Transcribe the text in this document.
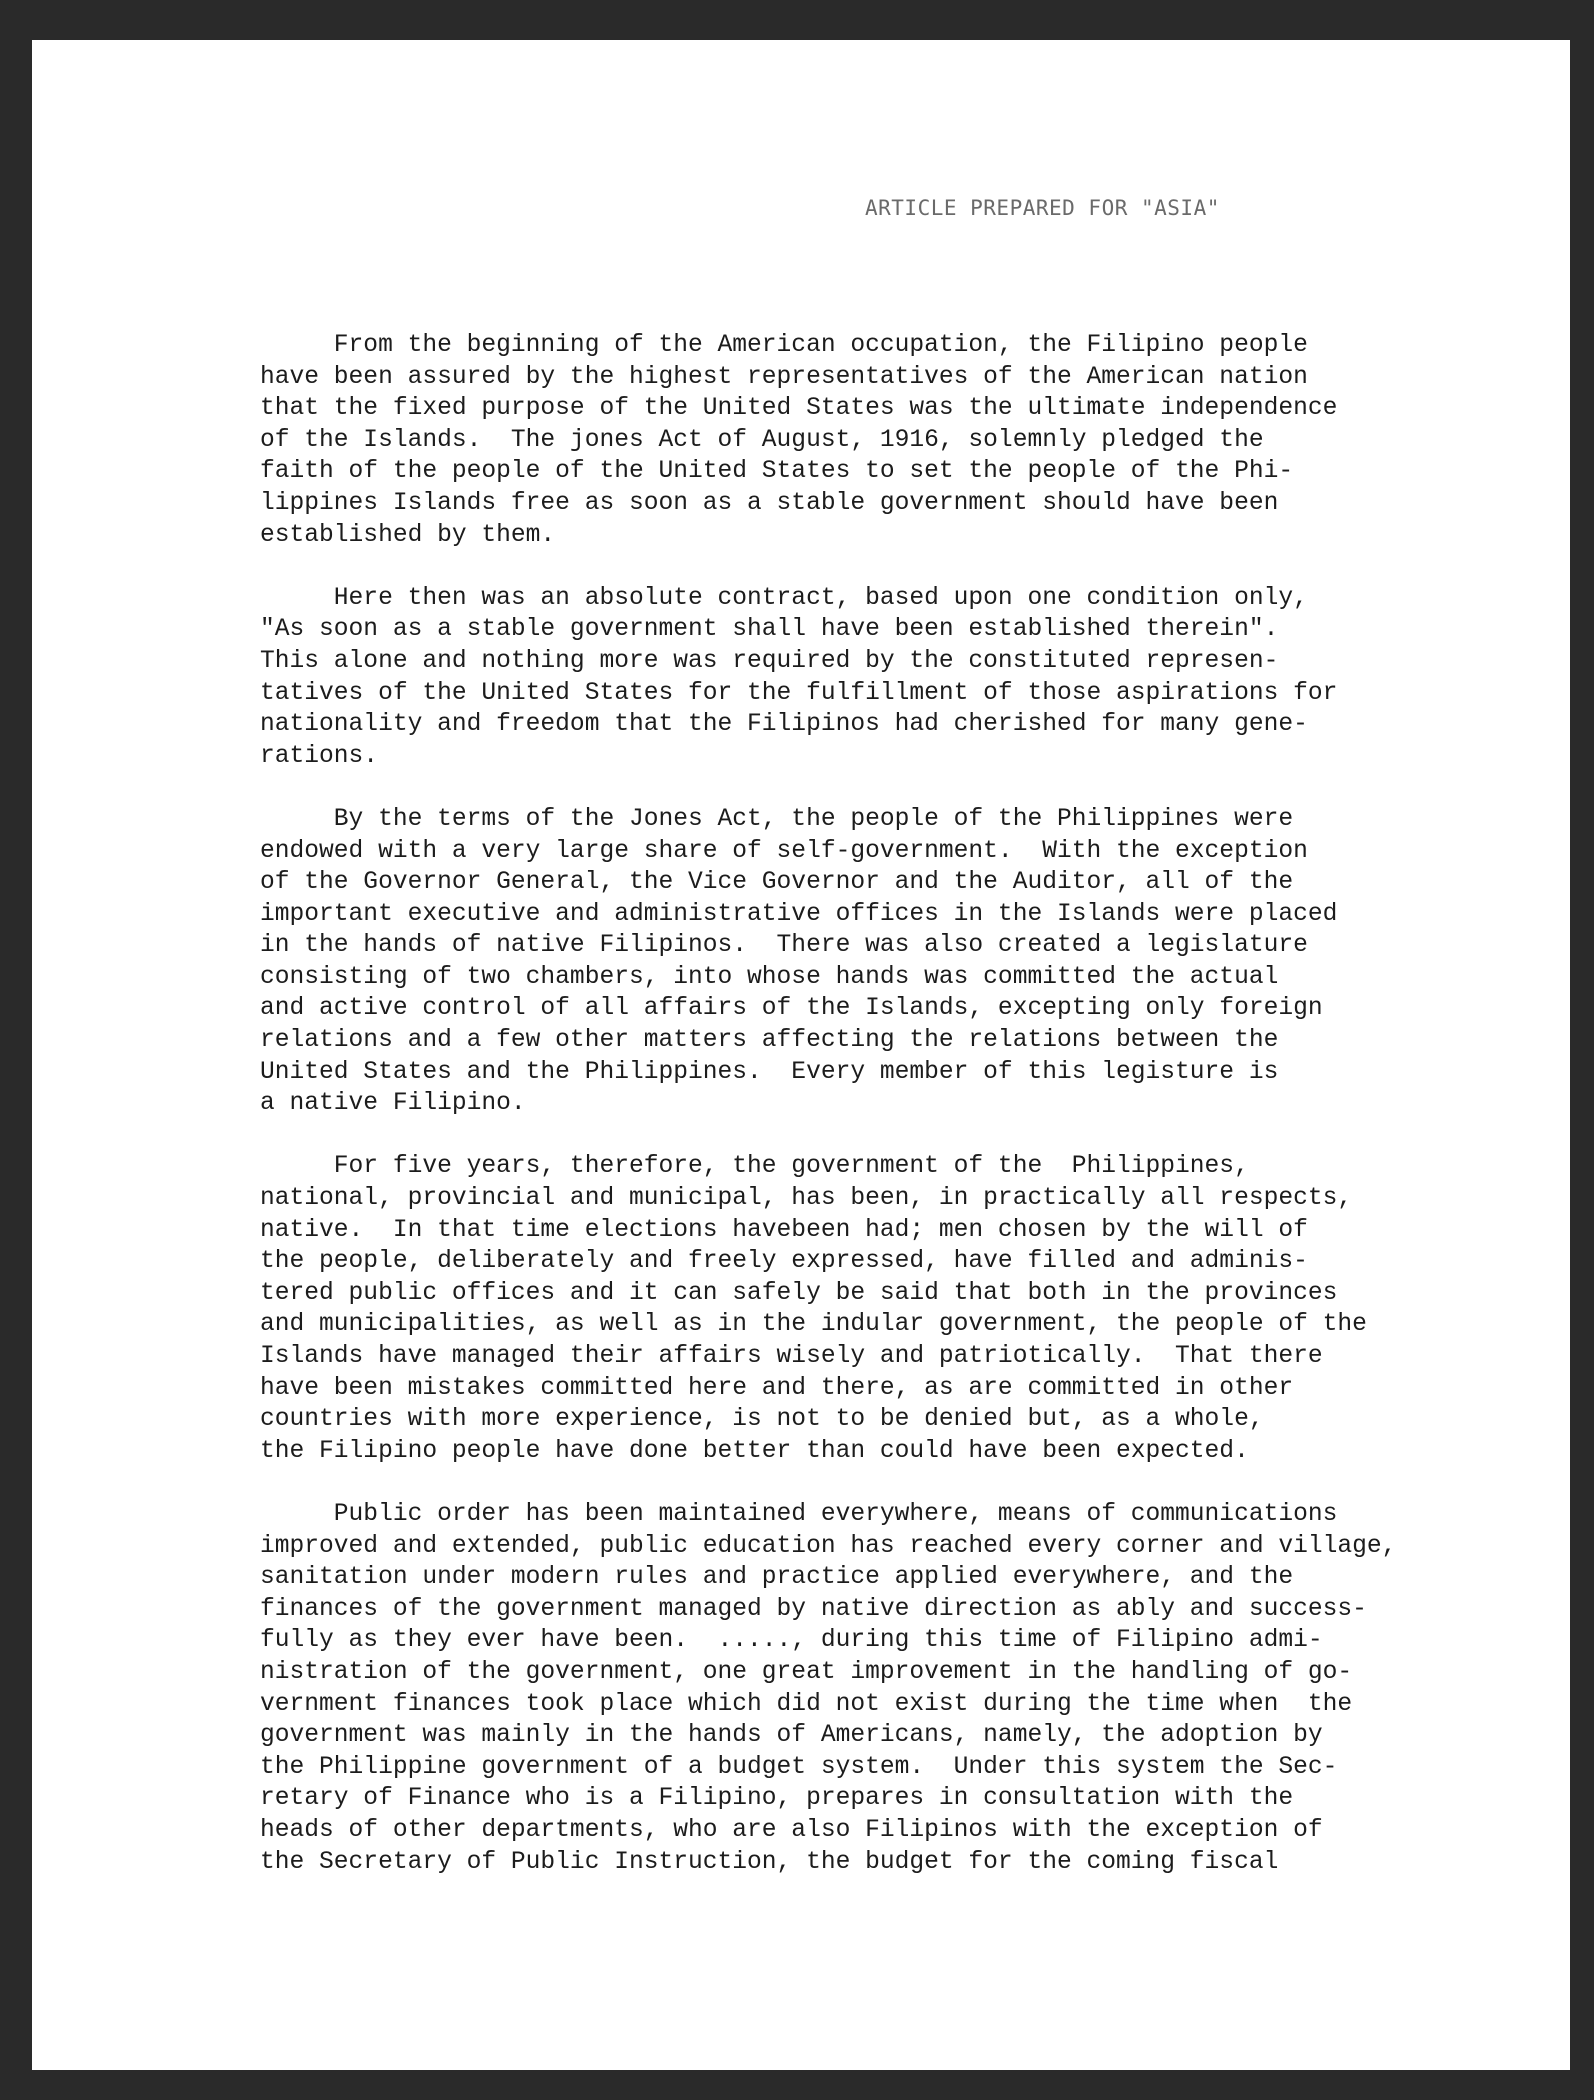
ARTICLE PREPARED FOR "ASIA"
From the beginning of the American occupation, the Filipino people
have been assured by the highest representatives of the American nation
that the fixed purpose of the United States was the ultimate independence
of the Islands.  The jones Act of August, 1916, solemnly pledged the
faith of the people of the United States to set the people of the Phi-
lippines Islands free as soon as a stable government should have been
established by them.
Here then was an absolute contract, based upon one condition only,
"As soon as a stable government shall have been established therein".
This alone and nothing more was required by the constituted represen-
tatives of the United States for the fulfillment of those aspirations for
nationality and freedom that the Filipinos had cherished for many gene-
rations.
By the terms of the Jones Act, the people of the Philippines were
endowed with a very large share of self-government.  With the exception
of the Governor General, the Vice Governor and the Auditor, all of the
important executive and administrative offices in the Islands were placed
in the hands of native Filipinos.  There was also created a legislature
consisting of two chambers, into whose hands was committed the actual
and active control of all affairs of the Islands, excepting only foreign
relations and a few other matters affecting the relations between the
United States and the Philippines.  Every member of this legisture is
a native Filipino.
For five years, therefore, the government of the  Philippines,
national, provincial and municipal, has been, in practically all respects,
native.  In that time elections havebeen had; men chosen by the will of
the people, deliberately and freely expressed, have filled and adminis-
tered public offices and it can safely be said that both in the provinces
and municipalities, as well as in the indular government, the people of the
Islands have managed their affairs wisely and patriotically.  That there
have been mistakes committed here and there, as are committed in other
countries with more experience, is not to be denied but, as a whole,
the Filipino people have done better than could have been expected.
Public order has been maintained everywhere, means of communications
improved and extended, public education has reached every corner and village,
sanitation under modern rules and practice applied everywhere, and the
finances of the government managed by native direction as ably and success-
fully as they ever have been.  ....., during this time of Filipino admi-
nistration of the government, one great improvement in the handling of go-
vernment finances took place which did not exist during the time when  the
government was mainly in the hands of Americans, namely, the adoption by
the Philippine government of a budget system.  Under this system the Sec-
retary of Finance who is a Filipino, prepares in consultation with the
heads of other departments, who are also Filipinos with the exception of
the Secretary of Public Instruction, the budget for the coming fiscal
